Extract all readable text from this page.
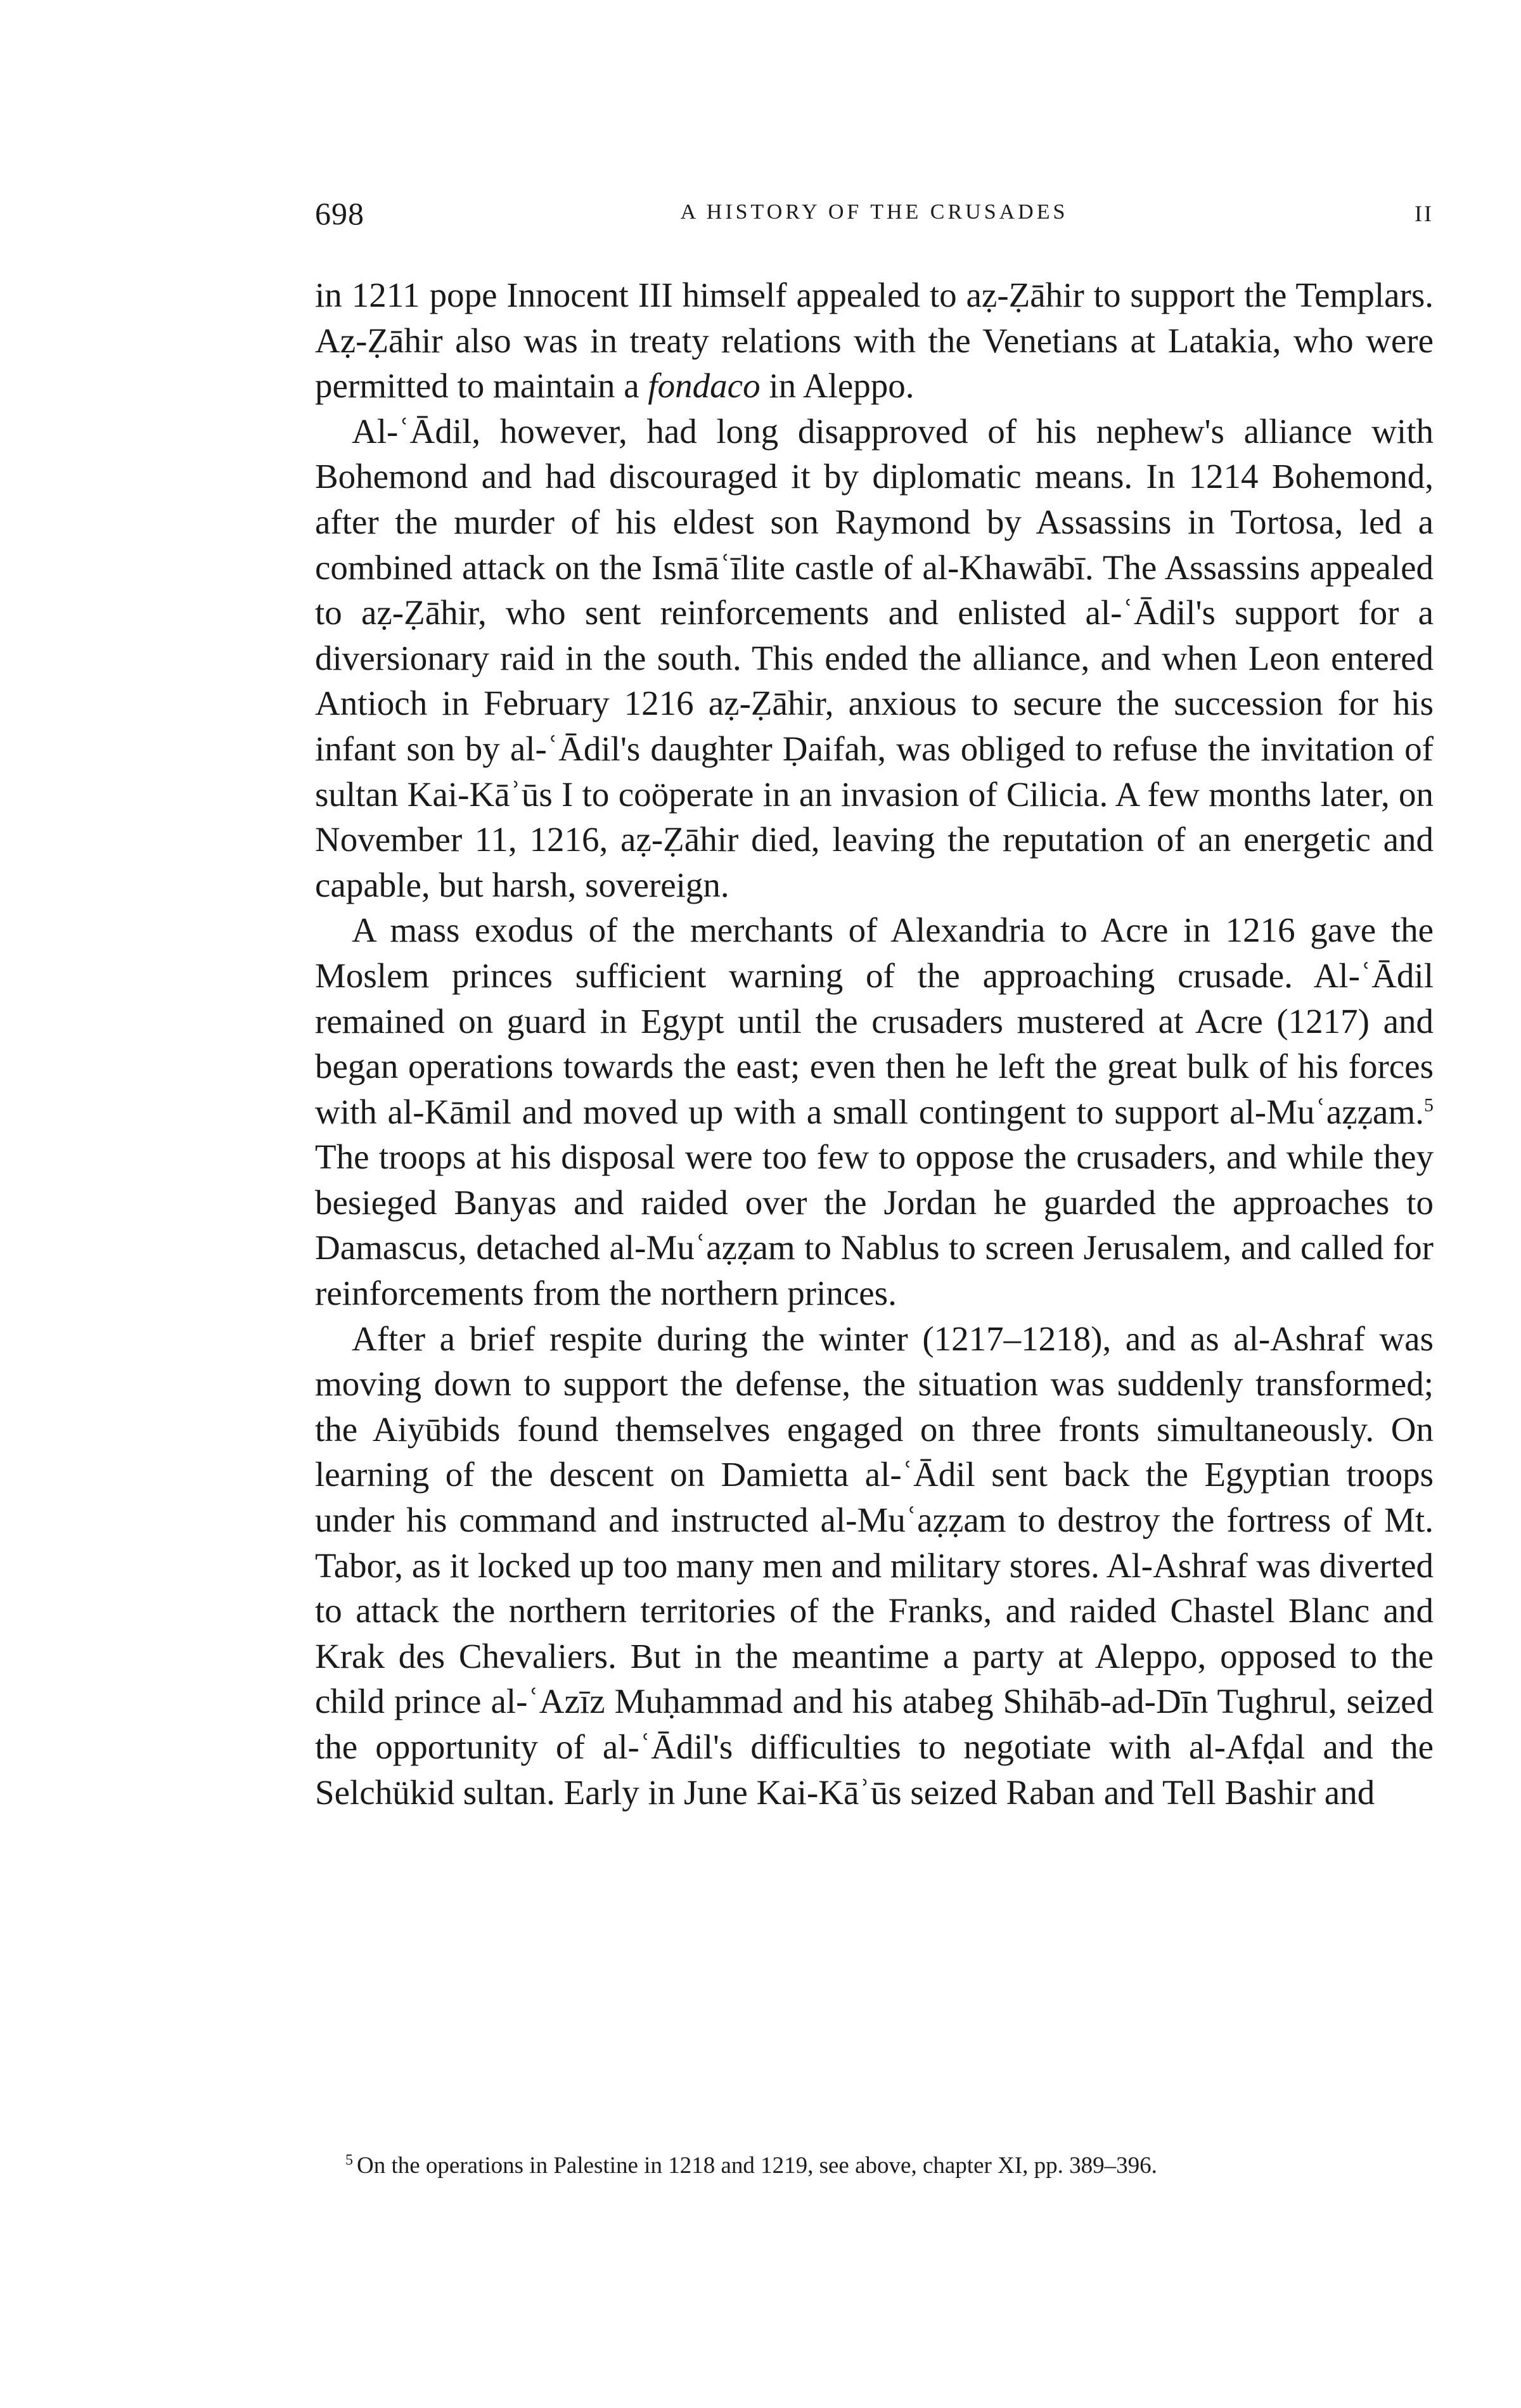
698	A HISTORY OF THE CRUSADES	II

in 1211 pope Innocent III himself appealed to aẓ-Ẓāhir to support the Templars. Aẓ-Ẓāhir also was in treaty relations with the Venetians at Latakia, who were permitted to maintain a fondaco in Aleppo.

Al-ʿĀdil, however, had long disapproved of his nephew's alliance with Bohemond and had discouraged it by diplomatic means. In 1214 Bohemond, after the murder of his eldest son Raymond by Assassins in Tortosa, led a combined attack on the Ismāʿīlite castle of al-Khawābī. The Assassins appealed to aẓ-Ẓāhir, who sent reinforcements and enlisted al-ʿĀdil's support for a diversionary raid in the south. This ended the alliance, and when Leon entered Antioch in February 1216 aẓ-Ẓāhir, anxious to secure the succession for his infant son by al-ʿĀdil's daughter Ḍaifah, was obliged to refuse the invitation of sultan Kai-Kāʾūs I to coöperate in an invasion of Cilicia. A few months later, on November 11, 1216, aẓ-Ẓāhir died, leaving the reputation of an energetic and capable, but harsh, sovereign.

A mass exodus of the merchants of Alexandria to Acre in 1216 gave the Moslem princes sufficient warning of the approaching crusade. Al-ʿĀdil remained on guard in Egypt until the crusaders mustered at Acre (1217) and began operations towards the east; even then he left the great bulk of his forces with al-Kāmil and moved up with a small contingent to support al-Muʿaẓẓam.$^5$ The troops at his disposal were too few to oppose the crusaders, and while they besieged Banyas and raided over the Jordan he guarded the approaches to Damascus, detached al-Muʿaẓẓam to Nablus to screen Jerusalem, and called for reinforcements from the northern princes.

After a brief respite during the winter (1217–1218), and as al-Ashraf was moving down to support the defense, the situation was suddenly transformed; the Aiyūbids found themselves engaged on three fronts simultaneously. On learning of the descent on Damietta al-ʿĀdil sent back the Egyptian troops under his command and instructed al-Muʿaẓẓam to destroy the fortress of Mt. Tabor, as it locked up too many men and military stores. Al-Ashraf was diverted to attack the northern territories of the Franks, and raided Chastel Blanc and Krak des Chevaliers. But in the meantime a party at Aleppo, opposed to the child prince al-ʿAzīz Muḥammad and his atabeg Shihāb-ad-Dīn Tughrul, seized the opportunity of al-ʿĀdil's difficulties to negotiate with al-Afḍal and the Selchükid sultan. Early in June Kai-Kāʾūs seized Raban and Tell Bashir and

$^5$ On the operations in Palestine in 1218 and 1219, see above, chapter XI, pp. 389–396.
